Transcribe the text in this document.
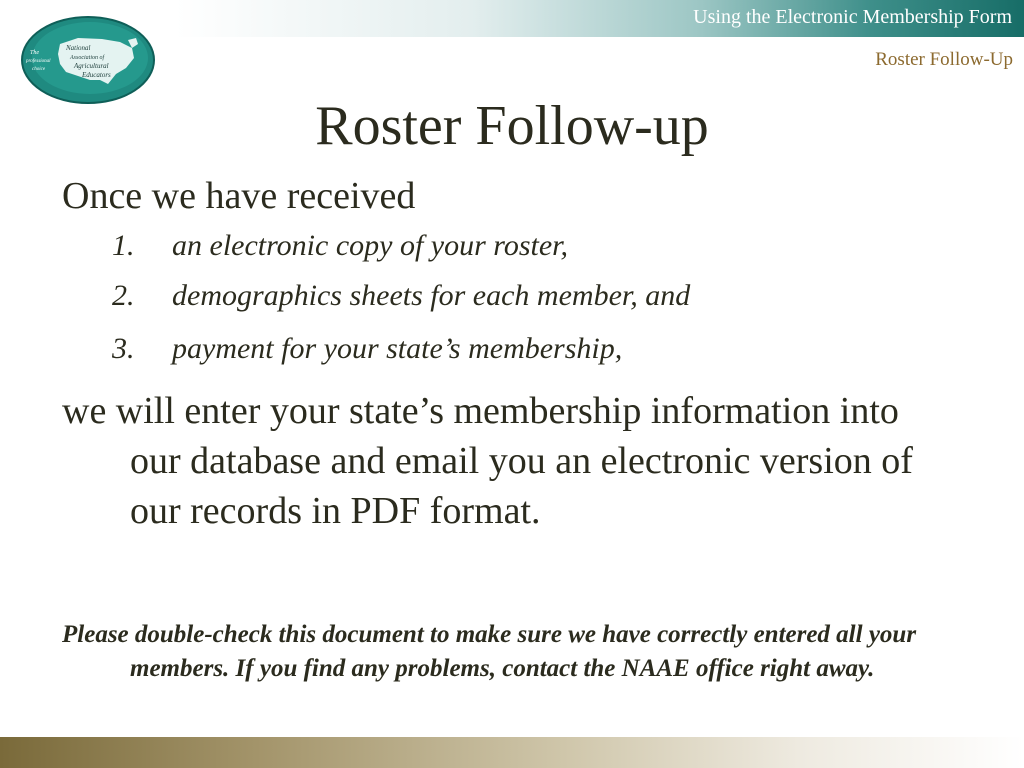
Using the Electronic Membership Form
Roster Follow-Up
The
professional
choice
National
Association of
Agricultural
Educators
Roster Follow-up
Once we have received
1. an electronic copy of your roster,
2. demographics sheets for each member, and
3. payment for your state’s membership,
we will enter your state’s membership information into our database and email you an electronic version of our records in PDF format.
Please double-check this document to make sure we have correctly entered all your members. If you find any problems, contact the NAAE office right away.
